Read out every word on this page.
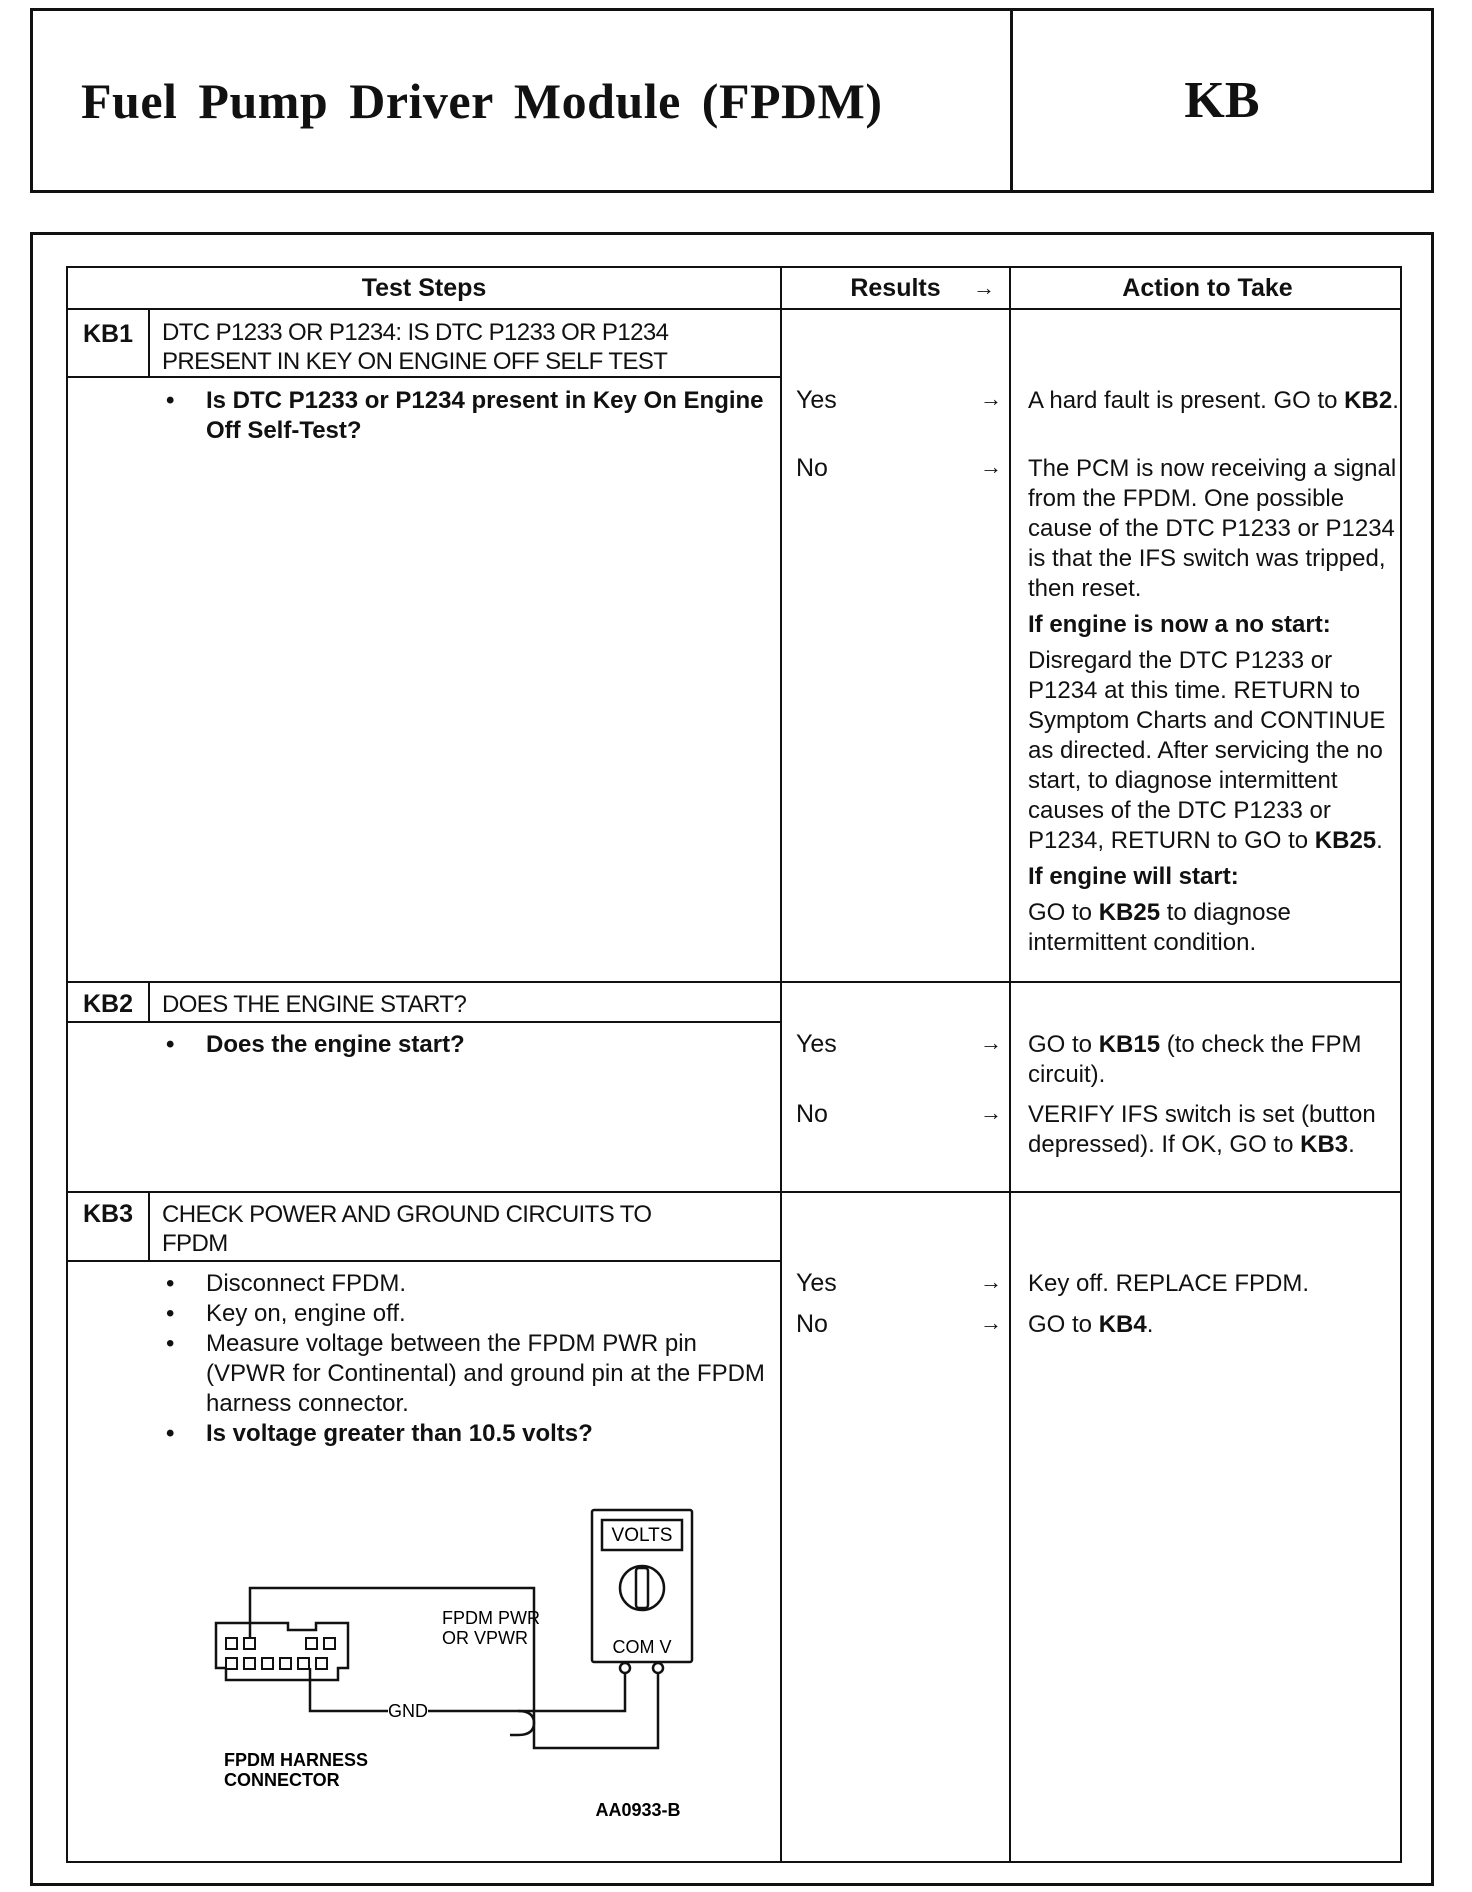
Fuel Pump Driver Module (FPDM)	KB
Test Steps	Results →	Action to Take
KB1	DTC P1233 OR P1234: IS DTC P1233 OR P1234
PRESENT IN KEY ON ENGINE OFF SELF TEST
• Is DTC P1233 or P1234 present in Key On Engine Off Self-Test?
Yes	→ A hard fault is present. GO to KB2.
No	→ The PCM is now receiving a signal from the FPDM. One possible cause of the DTC P1233 or P1234 is that the IFS switch was tripped, then reset.

If engine is now a no start:

Disregard the DTC P1233 or P1234 at this time. RETURN to Symptom Charts and CONTINUE as directed. After servicing the no start, to diagnose intermittent causes of the DTC P1233 or P1234, RETURN to GO to KB25.

If engine will start:

GO to KB25 to diagnose intermittent condition.

KB2	DOES THE ENGINE START?
• Does the engine start?	Yes	→ GO to KB15 (to check the FPM circuit).
No	→ VERIFY IFS switch is set (button depressed). If OK, GO to KB3.
KB3	CHECK POWER AND GROUND CIRCUITS TO
FPDM
• Disconnect FPDM.
• Key on, engine off.
• Measure voltage between the FPDM PWR pin (VPWR for Continental) and ground pin at the FPDM harness connector.
• Is voltage greater than 10.5 volts?
Yes	→ Key off. REPLACE FPDM.
No	→ GO to KB4.
VOLTS
COM V
FPDM PWR
OR VPWR
GND
FPDM HARNESS
CONNECTOR
AA0933-B
